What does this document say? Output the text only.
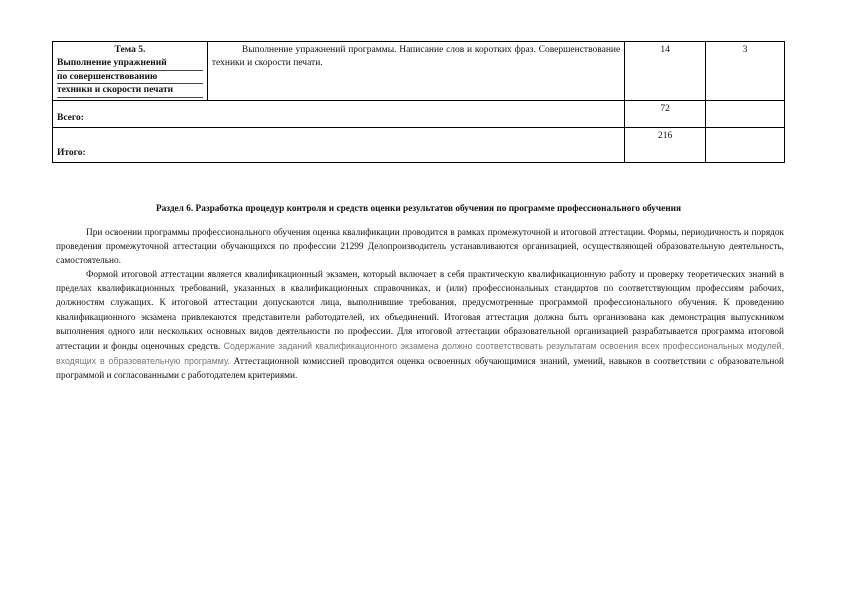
Тема 5.
Выполнение упражнений
по совершенствованию
техники и скорости печати	Выполнение упражнений программы. Написание слов и коротких фраз. Совершенствование техники и скорости печати.	14	3
Всего:		72	
Итого:		216	
Раздел 6. Разработка процедур контроля и средств оценки результатов обучения по программе профессионального обучения

При освоении программы профессионального обучения оценка квалификации проводится в рамках промежуточной и итоговой аттестации. Формы, периодичность и порядок проведения промежуточной аттестации обучающихся по профессии 21299 Делопроизводитель устанавливаются организацией, осуществляющей образовательную деятельность, самостоятельно.

Формой итоговой аттестации является квалификационный экзамен, который включает в себя практическую квалификационную работу и проверку теоретических знаний в пределах квалификационных требований, указанных в квалификационных справочниках, и (или) профессиональных стандартов по соответствующим профессиям рабочих, должностям служащих. К итоговой аттестации допускаются лица, выполнившие требования, предусмотренные программой профессионального обучения. К проведению квалификационного экзамена привлекаются представители работодателей, их объединений. Итоговая аттестация должна быть организована как демонстрация выпускником выполнения одного или нескольких основных видов деятельности по профессии. Для итоговой аттестации образовательной организацией разрабатывается программа итоговой аттестации и фонды оценочных средств. Содержание заданий квалификационного экзамена должно соответствовать результатам освоения всех профессиональных модулей, входящих в образовательную программу. Аттестационной комиссией проводится оценка освоенных обучающимися знаний, умений, навыков в соответствии с образовательной программой и согласованными с работодателем критериями.
